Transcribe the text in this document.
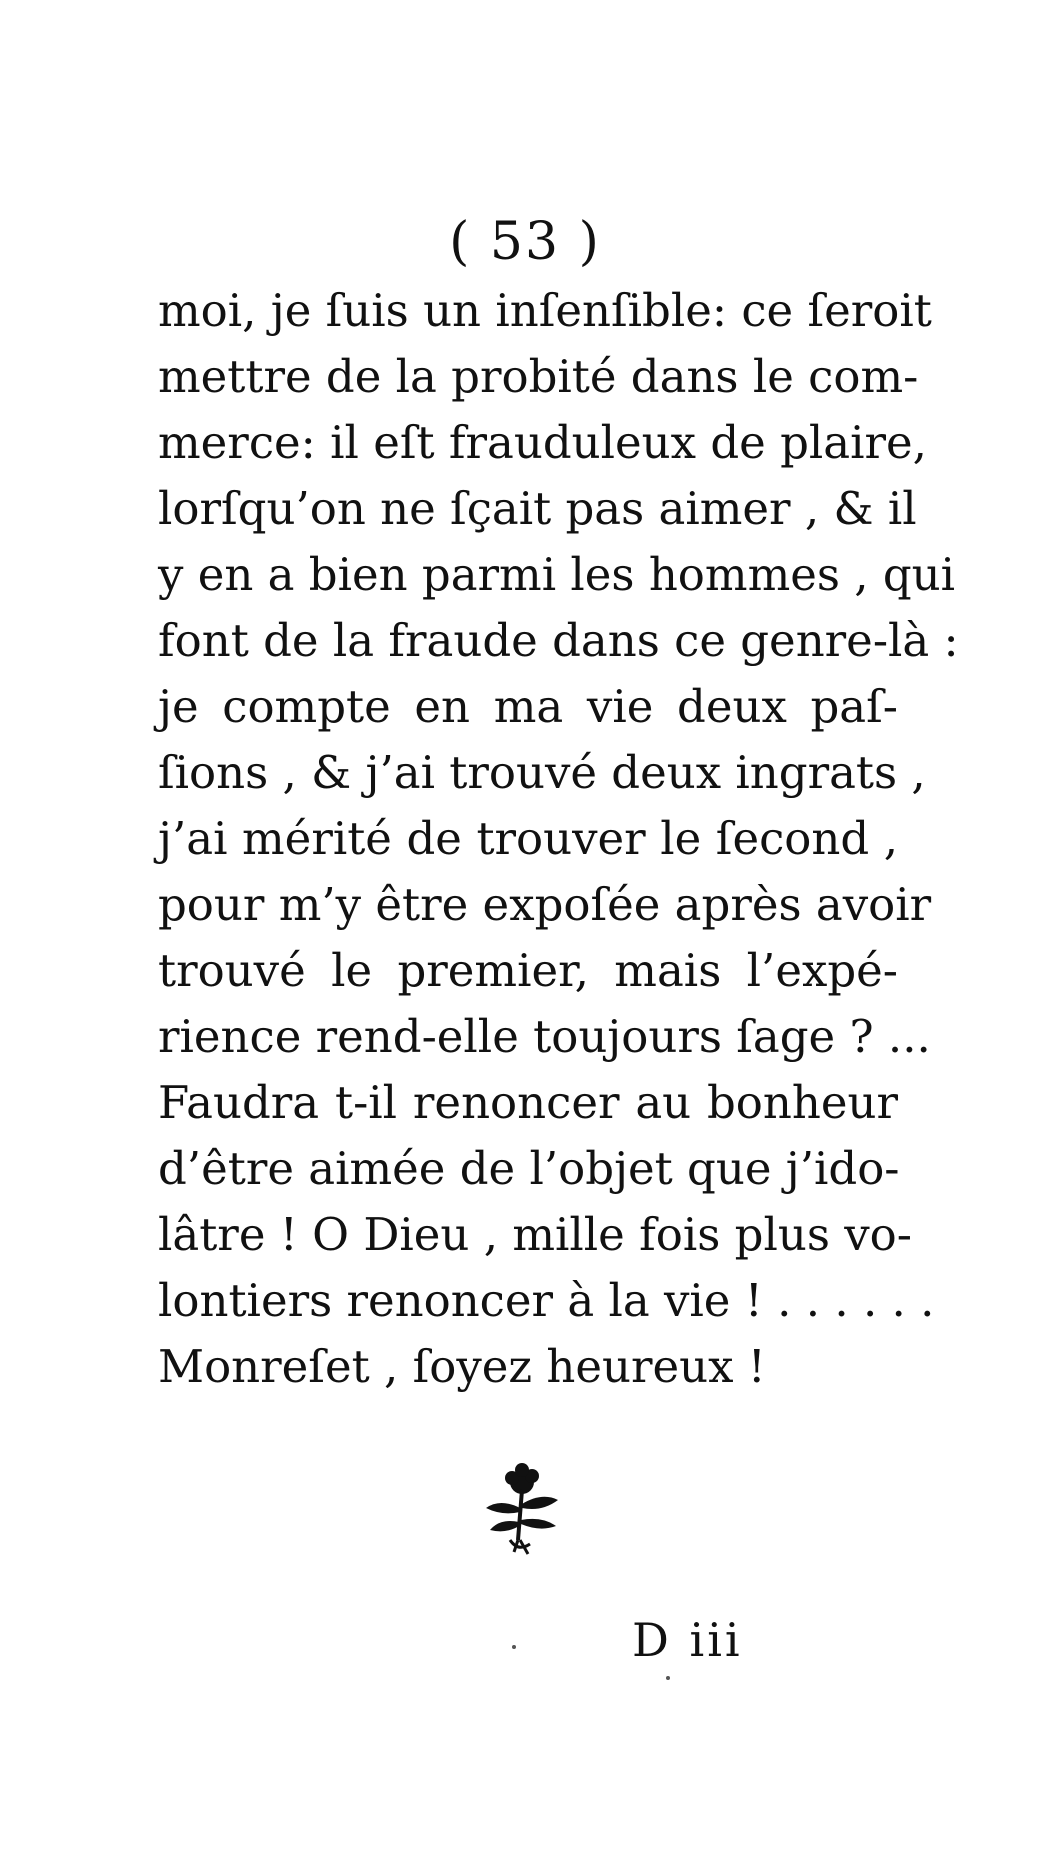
( 53 )
moi, je ſuis un inſenſible: ce ſeroit
mettre de la probité dans le com-
merce: il eſt frauduleux de plaire,
lorſqu’on ne ſçait pas aimer , & il
y en a bien parmi les hommes , qui
font de la fraude dans ce genre-là :
je compte en ma vie deux paſ-
ſions , & j’ai trouvé deux ingrats ,
j’ai mérité de trouver le ſecond ,
pour m’y être expoſée après avoir
trouvé le premier, mais l’expé-
rience rend-elle toujours ſage ? ...
Faudra t-il renoncer au bonheur
d’être aimée de l’objet que j’ido-
lâtre ! O Dieu , mille fois plus vo-
lontiers renoncer à la vie ! . . . . . .
Monreſet , ſoyez heureux !
D iii
